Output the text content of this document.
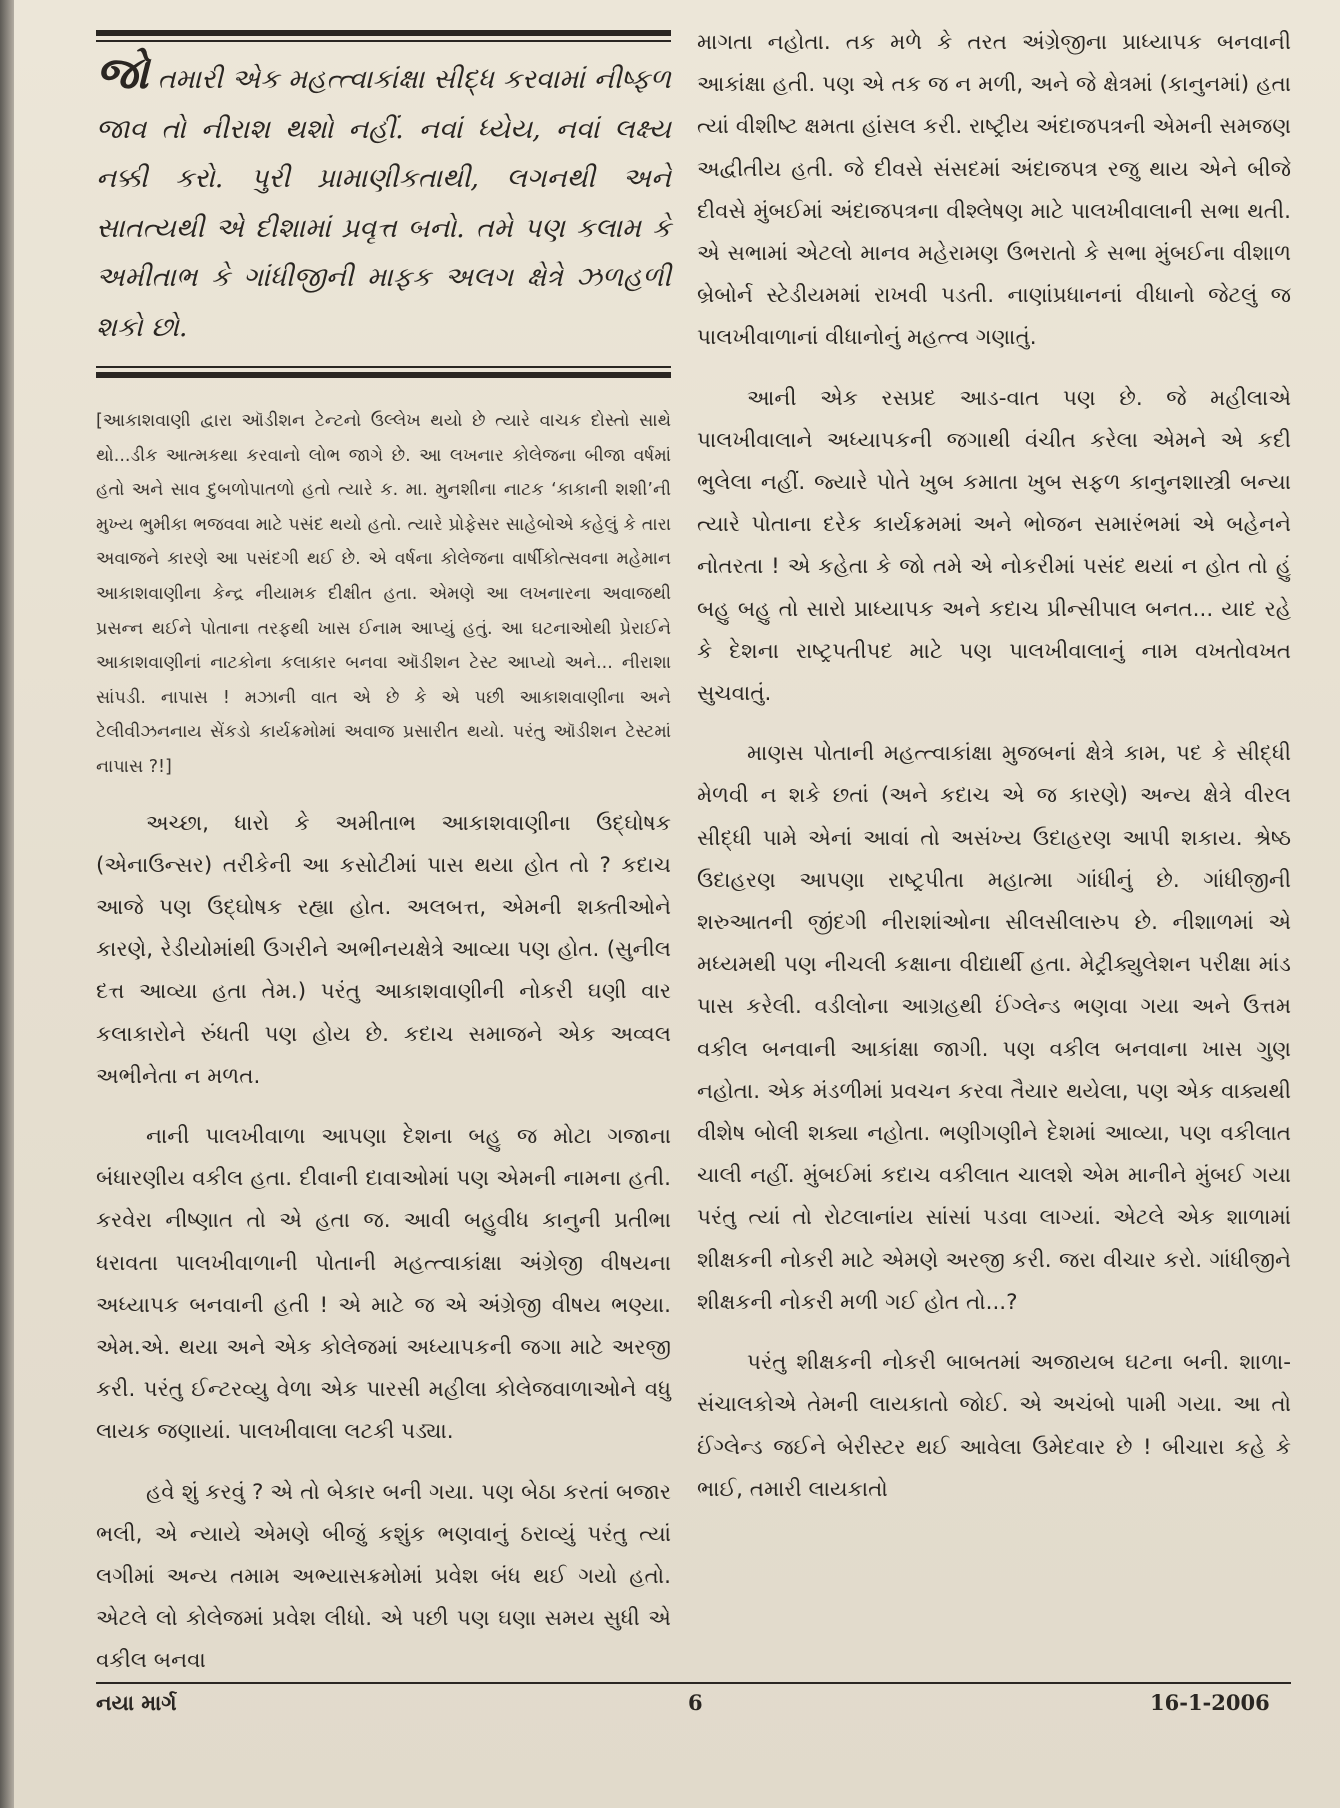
જો તમારી એક મહત્ત્વાકાંક્ષા સીદ્ધ કરવામાં નીષ્ફળ જાવ તો નીરાશ થશો નહીં. નવાં ધ્યેય, નવાં લક્ષ્ય નક્કી કરો. પુરી પ્રામાણીકતાથી, લગનથી અને સાતત્યથી એ દીશામાં પ્રવૃત્ત બનો. તમે પણ કલામ કે અમીતાભ કે ગાંધીજીની માફક અલગ ક્ષેત્રે ઝળહળી શકો છો.
[આકાશવાણી દ્વારા ઑડીશન ટેન્ટનો ઉલ્લેખ થયો છે ત્યારે વાચક દોસ્તો સાથે થો...ડીક આત્મકથા કરવાનો લોભ જાગે છે. આ લખનાર કોલેજના બીજા વર્ષમાં હતો અને સાવ દુબળોપાતળો હતો ત્યારે ક. મા. મુનશીના નાટક ‘કાકાની શશી’ની મુખ્ય ભુમીકા ભજવવા માટે પસંદ થયો હતો. ત્યારે પ્રોફેસર સાહેબોએ કહેલું કે તારા અવાજને કારણે આ પસંદગી થઈ છે. એ વર્ષના કોલેજના વાર્ષીકોત્સવના મહેમાન આકાશવાણીના કેન્દ્ર નીયામક દીક્ષીત હતા. એમણે આ લખનારના અવાજથી પ્રસન્ન થઈને પોતાના તરફથી ખાસ ઈનામ આપ્યું હતું. આ ઘટનાઓથી પ્રેરાઈને આકાશવાણીનાં નાટકોના કલાકાર બનવા ઑડીશન ટેસ્ટ આપ્યો અને... નીરાશા સાંપડી. નાપાસ ! મઝાની વાત એ છે કે એ પછી આકાશવાણીના અને ટેલીવીઝનનાય સેંકડો કાર્યક્રમોમાં અવાજ પ્રસારીત થયો. પરંતુ ઑડીશન ટેસ્ટમાં નાપાસ ?!]

અચ્છા, ધારો કે અમીતાભ આકાશવાણીના ઉદ્‌ઘોષક (એનાઉન્સર) તરીકેની આ કસોટીમાં પાસ થયા હોત તો ? કદાચ આજે પણ ઉદ્‌ઘોષક રહ્યા હોત. અલબત્ત, એમની શક્તીઓને કારણે, રેડીયોમાંથી ઉગરીને અભીનયક્ષેત્રે આવ્યા પણ હોત. (સુનીલ દત્ત આવ્યા હતા તેમ.) પરંતુ આકાશવાણીની નોકરી ઘણી વાર કલાકારોને રુંધતી પણ હોય છે. કદાચ સમાજને એક અવ્વલ અભીનેતા ન મળત.

નાની પાલખીવાળા આપણા દેશના બહુ જ મોટા ગજાના બંધારણીય વકીલ હતા. દીવાની દાવાઓમાં પણ એમની નામના હતી. કરવેરા નીષ્ણાત તો એ હતા જ. આવી બહુવીધ કાનુની પ્રતીભા ધરાવતા પાલખીવાળાની પોતાની મહત્ત્વાકાંક્ષા અંગ્રેજી વીષયના અધ્યાપક બનવાની હતી ! એ માટે જ એ અંગ્રેજી વીષય ભણ્યા. એમ.એ. થયા અને એક કોલેજમાં અધ્યાપકની જગા માટે અરજી કરી. પરંતુ ઈન્ટરવ્યુ વેળા એક પારસી મહીલા કોલેજવાળાઓને વધુ લાયક જણાયાં. પાલખીવાલા લટકી પડ્યા.

હવે શું કરવું ? એ તો બેકાર બની ગયા. પણ બેઠા કરતાં બજાર ભલી, એ ન્યાયે એમણે બીજું કશુંક ભણવાનું ઠરાવ્યું પરંતુ ત્યાં લગીમાં અન્ય તમામ અભ્યાસક્રમોમાં પ્રવેશ બંધ થઈ ગયો હતો. એટલે લો કોલેજમાં પ્રવેશ લીધો. એ પછી પણ ઘણા સમય સુધી એ વકીલ બનવા

માગતા નહોતા. તક મળે કે તરત અંગ્રેજીના પ્રાધ્યાપક બનવાની આકાંક્ષા હતી. પણ એ તક જ ન મળી, અને જે ક્ષેત્રમાં (કાનુનમાં) હતા ત્યાં વીશીષ્ટ ક્ષમતા હાંસલ કરી. રાષ્ટ્રીય અંદાજપત્રની એમની સમજણ અદ્વીતીય હતી. જે દીવસે સંસદમાં અંદાજપત્ર રજુ થાય એને બીજે દીવસે મુંબઈમાં અંદાજપત્રના વીશ્લેષણ માટે પાલખીવાલાની સભા થતી. એ સભામાં એટલો માનવ મહેરામણ ઉભરાતો કે સભા મુંબઈના વીશાળ બ્રેબોર્ન સ્ટેડીયમમાં રાખવી પડતી. નાણાંપ્રધાનનાં વીધાનો જેટલું જ પાલખીવાળાનાં વીધાનોનું મહત્ત્વ ગણાતું.

આની એક રસપ્રદ આડ-વાત પણ છે. જે મહીલાએ પાલખીવાલાને અધ્યાપકની જગાથી વંચીત કરેલા એમને એ કદી ભુલેલા નહીં. જ્યારે પોતે ખુબ કમાતા ખુબ સફળ કાનુનશાસ્ત્રી બન્યા ત્યારે પોતાના દરેક કાર્યક્રમમાં અને ભોજન સમારંભમાં એ બહેનને નોતરતા ! એ કહેતા કે જો તમે એ નોકરીમાં પસંદ થયાં ન હોત તો હું બહુ બહુ તો સારો પ્રાધ્યાપક અને કદાચ પ્રીન્સીપાલ બનત... યાદ રહે કે દેશના રાષ્ટ્રપતીપદ માટે પણ પાલખીવાલાનું નામ વખતોવખત સુચવાતું.

માણસ પોતાની મહત્ત્વાકાંક્ષા મુજબનાં ક્ષેત્રે કામ, પદ કે સીદ્ધી મેળવી ન શકે છતાં (અને કદાચ એ જ કારણે) અન્ય ક્ષેત્રે વીરલ સીદ્ધી પામે એનાં આવાં તો અસંખ્ય ઉદાહરણ આપી શકાય. શ્રેષ્ઠ ઉદાહરણ આપણા રાષ્ટ્રપીતા મહાત્મા ગાંધીનું છે. ગાંધીજીની શરુઆતની જીંદગી નીરાશાંઓના સીલસીલારુપ છે. નીશાળમાં એ મધ્યમથી પણ નીચલી કક્ષાના વીદ્યાર્થી હતા. મેટ્રીક્યુલેશન પરીક્ષા માંડ પાસ કરેલી. વડીલોના આગ્રહથી ઈંગ્લેન્ડ ભણવા ગયા અને ઉત્તમ વકીલ બનવાની આકાંક્ષા જાગી. પણ વકીલ બનવાના ખાસ ગુણ નહોતા. એક મંડળીમાં પ્રવચન કરવા તૈયાર થયેલા, પણ એક વાક્યથી વીશેષ બોલી શક્યા નહોતા. ભણીગણીને દેશમાં આવ્યા, પણ વકીલાત ચાલી નહીં. મુંબઈમાં કદાચ વકીલાત ચાલશે એમ માનીને મુંબઈ ગયા પરંતુ ત્યાં તો રોટલાનાંય સાંસાં પડવા લાગ્યાં. એટલે એક શાળામાં શીક્ષકની નોકરી માટે એમણે અરજી કરી. જરા વીચાર કરો. ગાંધીજીને શીક્ષકની નોકરી મળી ગઈ હોત તો...?

પરંતુ શીક્ષકની નોકરી બાબતમાં અજાયબ ઘટના બની. શાળા-સંચાલકોએ તેમની લાયકાતો જોઈ. એ અચંબો પામી ગયા. આ તો ઈંગ્લેન્ડ જઈને બેરીસ્ટર થઈ આવેલા ઉમેદવાર છે ! બીચારા કહે કે ભાઈ, તમારી લાયકાતો

નયા માર્ગ	6	16-1-2006
